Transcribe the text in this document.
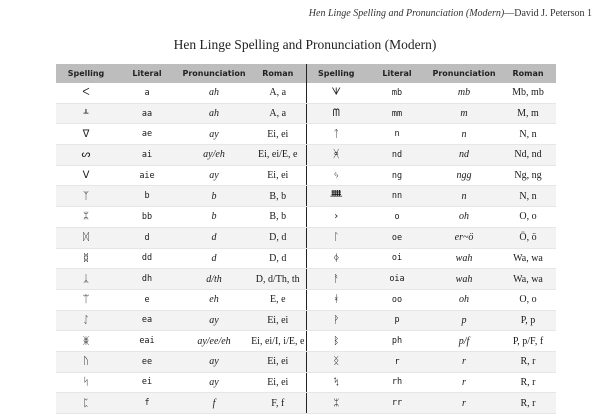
Hen Linge Spelling and Pronunciation (Modern)—David J. Peterson 1
Hen Linge Spelling and Pronunciation (Modern)
Spelling	Literal	Pronunciation	Roman	Spelling	Literal	Pronunciation	Roman
ᐸ	a	ah	A, a	ᗐ	mb	mb	Mb, mb
ᚆ	aa	ah	A, a	ᗰ	mm	m	M, m
ᐁ	ae	ay	Ei, ei	ᛏ	n	n	N, n
ᔕ	ai	ay/eh	Ei, ei/E, e	ᚸ	nd	nd	Nd, nd
ᐯ	aie	ay	Ei, ei	ᛃ	ng	ngg	Ng, ng
ᛉ	b	b	B, b	ᚙ	nn	n	N, n
ᛯ	bb	b	B, b	›	o	oh	O, o
ᛞ	d	d	D, d	ᛚ	oe	er~ö	Ö, ö
ᛥ	dd	d	D, d	ᛄ	oi	wah	Wa, wa
ᛣ	dh	d/th	D, d/Th, th	ᚨ	oia	wah	Wa, wa
ᛠ	e	eh	E, e	ᚼ	oo	oh	O, o
ᛇ	ea	ay	Ei, ei	ᚹ	p	p	P, p
ᛤ	eai	ay/ee/eh	Ei, ei/I, i/E, e	ᛒ	ph	p/f	P, p/F, f
ᚢ	ee	ay	Ei, ei	ᛝ	r	r	R, r
ᛋ	ei	ay	Ei, ei	ᛪ	rh	r	R, r
ᛈ	f	f	F, f	ᛯ	rr	r	R, r
